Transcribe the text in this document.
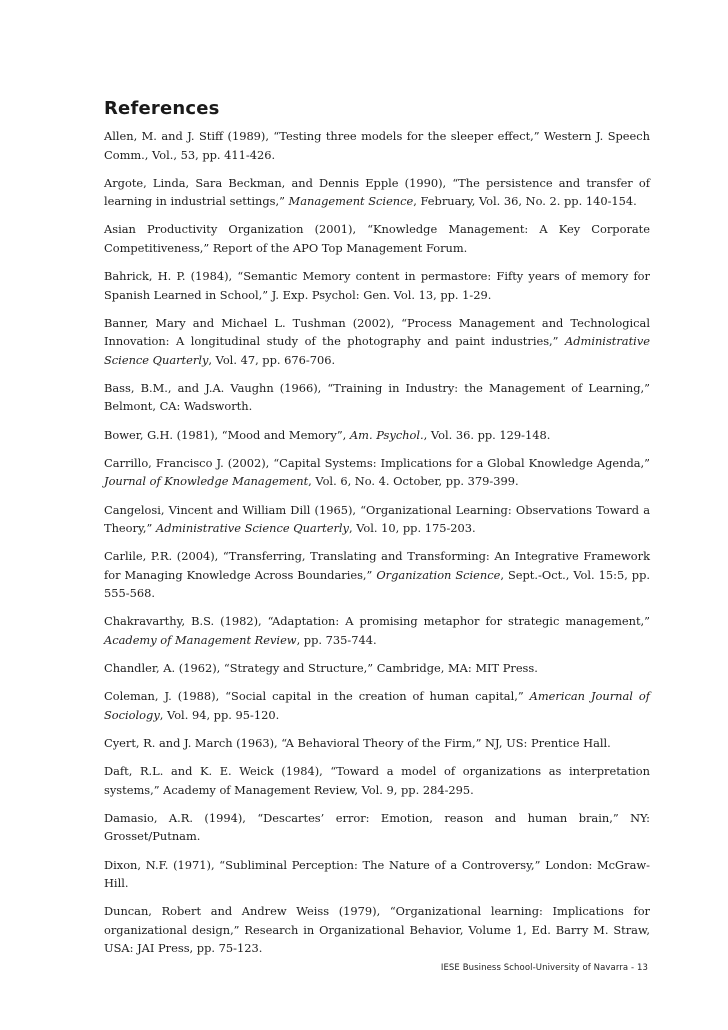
References

Allen, M. and J. Stiff (1989), “Testing three models for the sleeper effect,” Western J. Speech Comm., Vol., 53, pp. 411-426.

Argote, Linda, Sara Beckman, and Dennis Epple (1990), “The persistence and transfer of learning in industrial settings,” Management Science, February, Vol. 36, No. 2. pp. 140-154.

Asian Productivity Organization (2001), “Knowledge Management: A Key Corporate Competitiveness,” Report of the APO Top Management Forum.

Bahrick, H. P. (1984), “Semantic Memory content in permastore: Fifty years of memory for Spanish Learned in School,” J. Exp. Psychol: Gen. Vol. 13, pp. 1-29.

Banner, Mary and Michael L. Tushman (2002), “Process Management and Technological Innovation: A longitudinal study of the photography and paint industries,” Administrative Science Quarterly, Vol. 47, pp. 676-706.

Bass, B.M., and J.A. Vaughn (1966), “Training in Industry: the Management of Learning,” Belmont, CA: Wadsworth.

Bower, G.H. (1981), “Mood and Memory”, Am. Psychol., Vol. 36. pp. 129-148.

Carrillo, Francisco J. (2002), “Capital Systems: Implications for a Global Knowledge Agenda,” Journal of Knowledge Management, Vol. 6, No. 4. October, pp. 379-399.

Cangelosi, Vincent and William Dill (1965), “Organizational Learning: Observations Toward a Theory,” Administrative Science Quarterly, Vol. 10, pp. 175-203.

Carlile, P.R. (2004), “Transferring, Translating and Transforming: An Integrative Framework for Managing Knowledge Across Boundaries,” Organization Science, Sept.-Oct., Vol. 15:5, pp. 555-568.

Chakravarthy, B.S. (1982), “Adaptation: A promising metaphor for strategic management,” Academy of Management Review, pp. 735-744.

Chandler, A. (1962), “Strategy and Structure,” Cambridge, MA: MIT Press.

Coleman, J. (1988), “Social capital in the creation of human capital,” American Journal of Sociology, Vol. 94, pp. 95-120.

Cyert, R. and J. March (1963), “A Behavioral Theory of the Firm,” NJ, US: Prentice Hall.

Daft, R.L. and K. E. Weick (1984), “Toward a model of organizations as interpretation systems,” Academy of Management Review, Vol. 9, pp. 284-295.

Damasio, A.R. (1994), “Descartes’ error: Emotion, reason and human brain,” NY: Grosset/Putnam.

Dixon, N.F. (1971), “Subliminal Perception: The Nature of a Controversy,” London: McGraw-Hill.

Duncan, Robert and Andrew Weiss (1979), “Organizational learning: Implications for organizational design,” Research in Organizational Behavior, Volume 1, Ed. Barry M. Straw, USA: JAI Press, pp. 75-123.

IESE Business School-University of Navarra - 13
